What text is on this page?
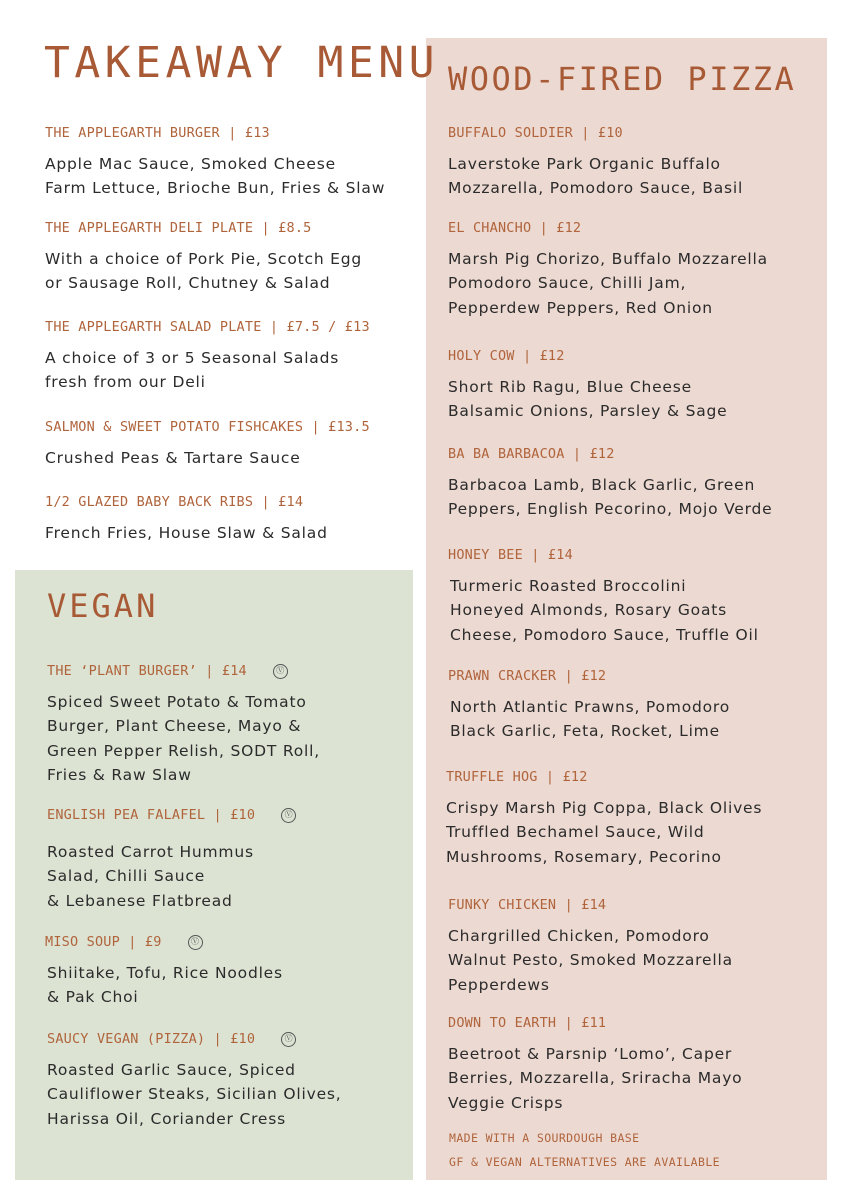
TAKEAWAY MENU WOOD-FIRED PIZZA
VEGAN
THE APPLEGARTH BURGER | £13
Apple Mac Sauce, Smoked Cheese
Farm Lettuce, Brioche Bun, Fries & Slaw
THE APPLEGARTH DELI PLATE | £8.5
With a choice of Pork Pie, Scotch Egg
or Sausage Roll, Chutney & Salad
THE APPLEGARTH SALAD PLATE | £7.5 / £13
A choice of 3 or 5 Seasonal Salads
fresh from our Deli
SALMON & SWEET POTATO FISHCAKES | £13.5
Crushed Peas & Tartare Sauce
1/2 GLAZED BABY BACK RIBS | £14
French Fries, House Slaw & Salad
THE ‘PLANT BURGER’ | £14	Ⓥ
Spiced Sweet Potato & Tomato
Burger, Plant Cheese, Mayo &
Green Pepper Relish, SODT Roll,
Fries & Raw Slaw
ENGLISH PEA FALAFEL | £10	Ⓥ
Roasted Carrot Hummus
Salad, Chilli Sauce
& Lebanese Flatbread
MISO SOUP | £9	Ⓥ
Shiitake, Tofu, Rice Noodles
& Pak Choi
SAUCY VEGAN (PIZZA) | £10	Ⓥ
Roasted Garlic Sauce, Spiced
Cauliflower Steaks, Sicilian Olives,
Harissa Oil, Coriander Cress
BUFFALO SOLDIER | £10
Laverstoke Park Organic Buffalo
Mozzarella, Pomodoro Sauce, Basil
EL CHANCHO | £12
Marsh Pig Chorizo, Buffalo Mozzarella
Pomodoro Sauce, Chilli Jam,
Pepperdew Peppers, Red Onion
HOLY COW | £12
Short Rib Ragu, Blue Cheese
Balsamic Onions, Parsley & Sage
BA BA BARBACOA | £12
Barbacoa Lamb, Black Garlic, Green
Peppers, English Pecorino, Mojo Verde
HONEY BEE | £14
Turmeric Roasted Broccolini
Honeyed Almonds, Rosary Goats
Cheese, Pomodoro Sauce, Truffle Oil
PRAWN CRACKER | £12
North Atlantic Prawns, Pomodoro
Black Garlic, Feta, Rocket, Lime
TRUFFLE HOG | £12
Crispy Marsh Pig Coppa, Black Olives
Truffled Bechamel Sauce, Wild
Mushrooms, Rosemary, Pecorino
FUNKY CHICKEN | £14
Chargrilled Chicken, Pomodoro
Walnut Pesto, Smoked Mozzarella
Pepperdews
DOWN TO EARTH | £11
Beetroot & Parsnip ‘Lomo’, Caper
Berries, Mozzarella, Sriracha Mayo
Veggie Crisps
MADE WITH A SOURDOUGH BASE
GF & VEGAN ALTERNATIVES ARE AVAILABLE
